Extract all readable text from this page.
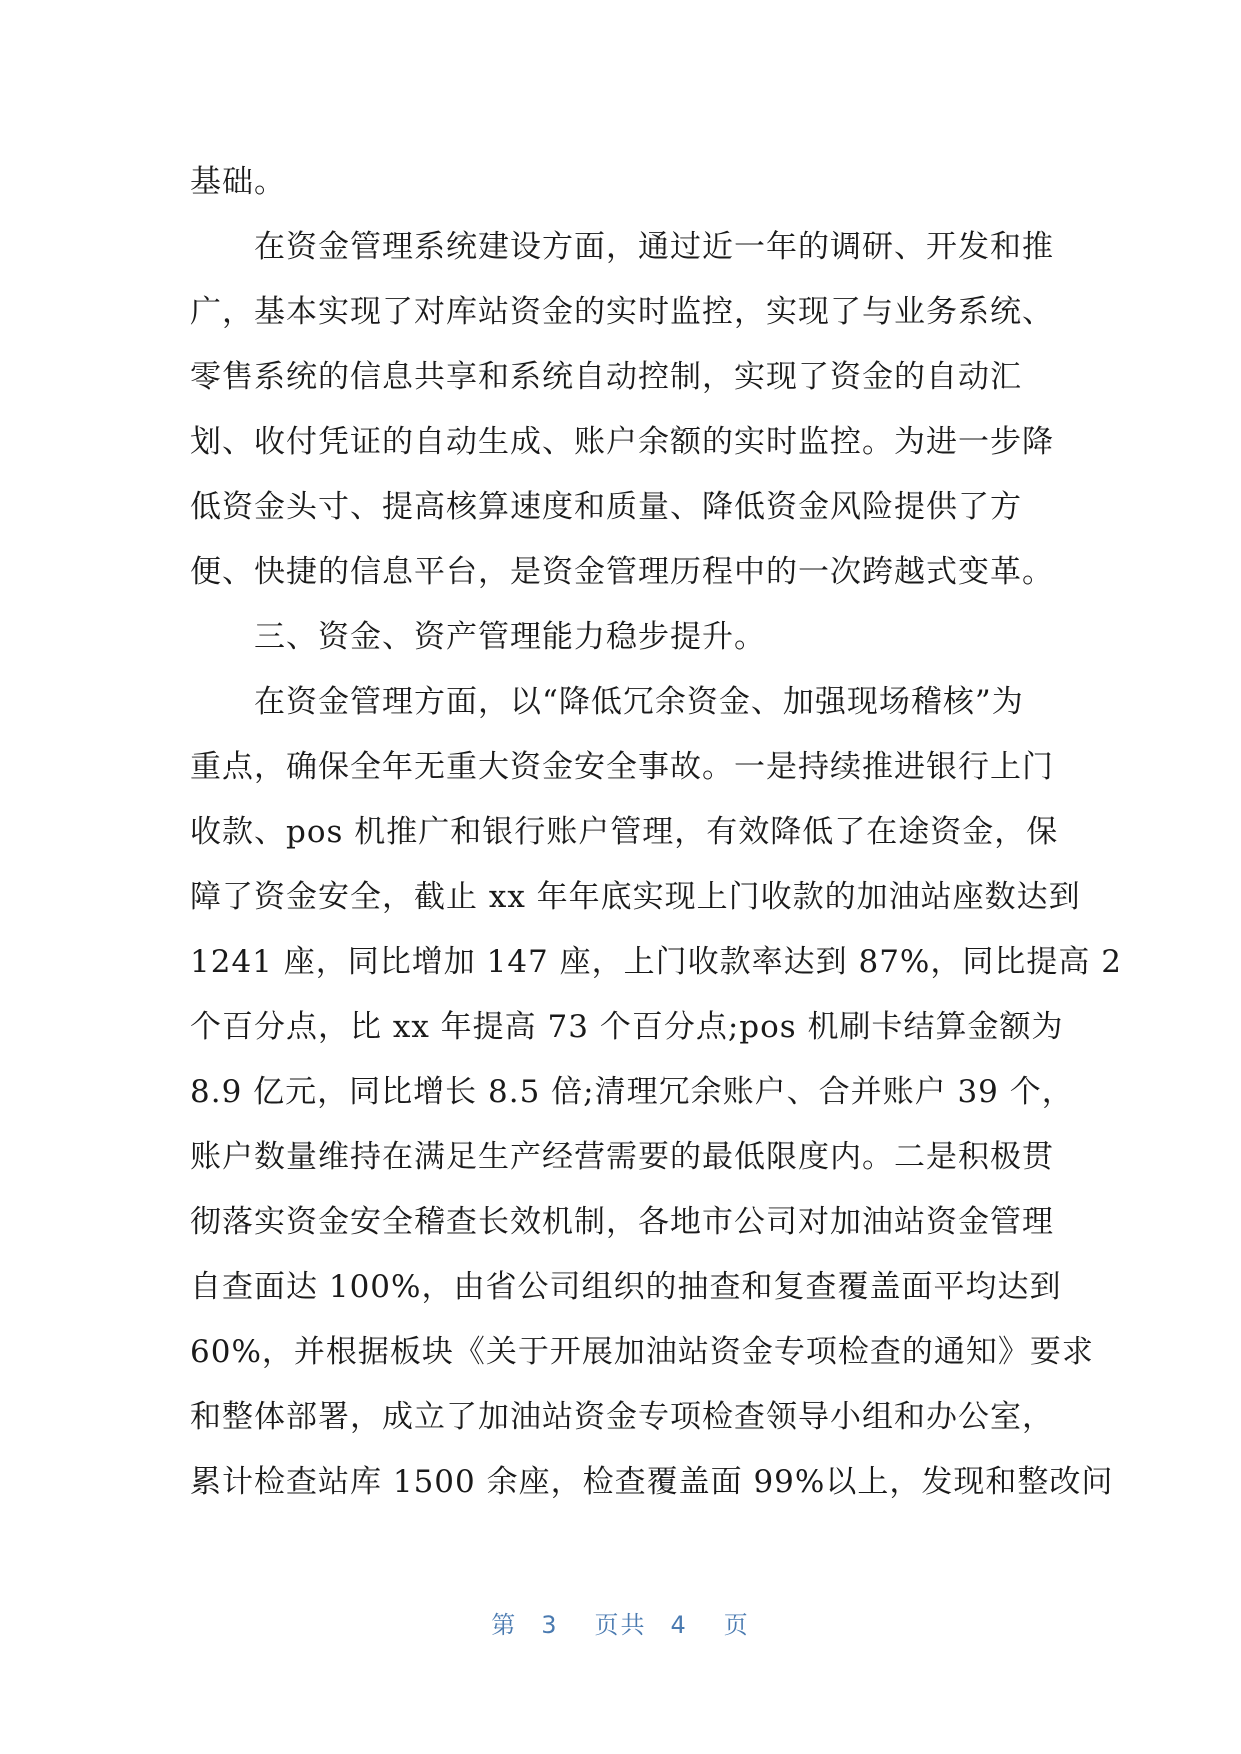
基础。
在资金管理系统建设方面，通过近一年的调研、开发和推
广，基本实现了对库站资金的实时监控，实现了与业务系统、
零售系统的信息共享和系统自动控制，实现了资金的自动汇
划、收付凭证的自动生成、账户余额的实时监控。为进一步降
低资金头寸、提高核算速度和质量、降低资金风险提供了方
便、快捷的信息平台，是资金管理历程中的一次跨越式变革。
三、资金、资产管理能力稳步提升。
在资金管理方面，以“降低冗余资金、加强现场稽核”为
重点，确保全年无重大资金安全事故。一是持续推进银行上门
收款、pos 机推广和银行账户管理，有效降低了在途资金，保
障了资金安全，截止 xx 年年底实现上门收款的加油站座数达到
1241 座，同比增加 147 座，上门收款率达到 87%，同比提高 2
个百分点，比 xx 年提高 73 个百分点;pos 机刷卡结算金额为
8.9 亿元，同比增长 8.5 倍;清理冗余账户、合并账户 39 个，
账户数量维持在满足生产经营需要的最低限度内。二是积极贯
彻落实资金安全稽查长效机制，各地市公司对加油站资金管理
自查面达 100%，由省公司组织的抽查和复查覆盖面平均达到
60%，并根据板块《关于开展加油站资金专项检查的通知》要求
和整体部署，成立了加油站资金专项检查领导小组和办公室，
累计检查站库 1500 余座，检查覆盖面 99%以上，发现和整改问
第 3 页共 4 页
